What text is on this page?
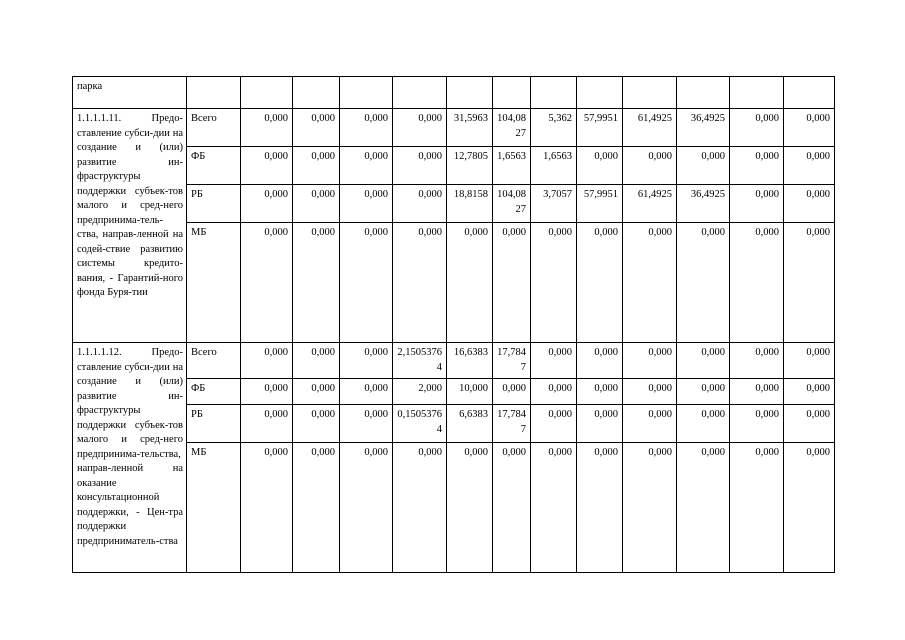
парка													
1.1.1.1.11. Предо-ставление субси-дии на создание и (или) развитие ин-фраструктуры поддержки субъек-тов малого и сред-него предпринима-тель-ства, направ-ленной на содей-ствие развитию системы кредито-вания, - Гарантий-ного фонда Буря-тии	Всего	0,000	0,000	0,000	0,000	31,5963	104,0827	5,362	57,9951	61,4925	36,4925	0,000	0,000
	ФБ	0,000	0,000	0,000	0,000	12,7805	1,6563	1,6563	0,000	0,000	0,000	0,000	0,000
	РБ	0,000	0,000	0,000	0,000	18,8158	104,0827	3,7057	57,9951	61,4925	36,4925	0,000	0,000
	МБ	0,000	0,000	0,000	0,000	0,000	0,000	0,000	0,000	0,000	0,000	0,000	0,000
1.1.1.1.12. Предо-ставление субси-дии на создание и (или) развитие ин-фраструктуры поддержки субъек-тов малого и сред-него предпринима-тельства, направ-ленной на оказание консультационной поддержки, - Цен-тра поддержки предприниматель-ства	Всего	0,000	0,000	0,000	2,15053764	16,6383	17,7847	0,000	0,000	0,000	0,000	0,000	0,000
	ФБ	0,000	0,000	0,000	2,000	10,000	0,000	0,000	0,000	0,000	0,000	0,000	0,000
	РБ	0,000	0,000	0,000	0,15053764	6,6383	17,7847	0,000	0,000	0,000	0,000	0,000	0,000
	МБ	0,000	0,000	0,000	0,000	0,000	0,000	0,000	0,000	0,000	0,000	0,000	0,000
